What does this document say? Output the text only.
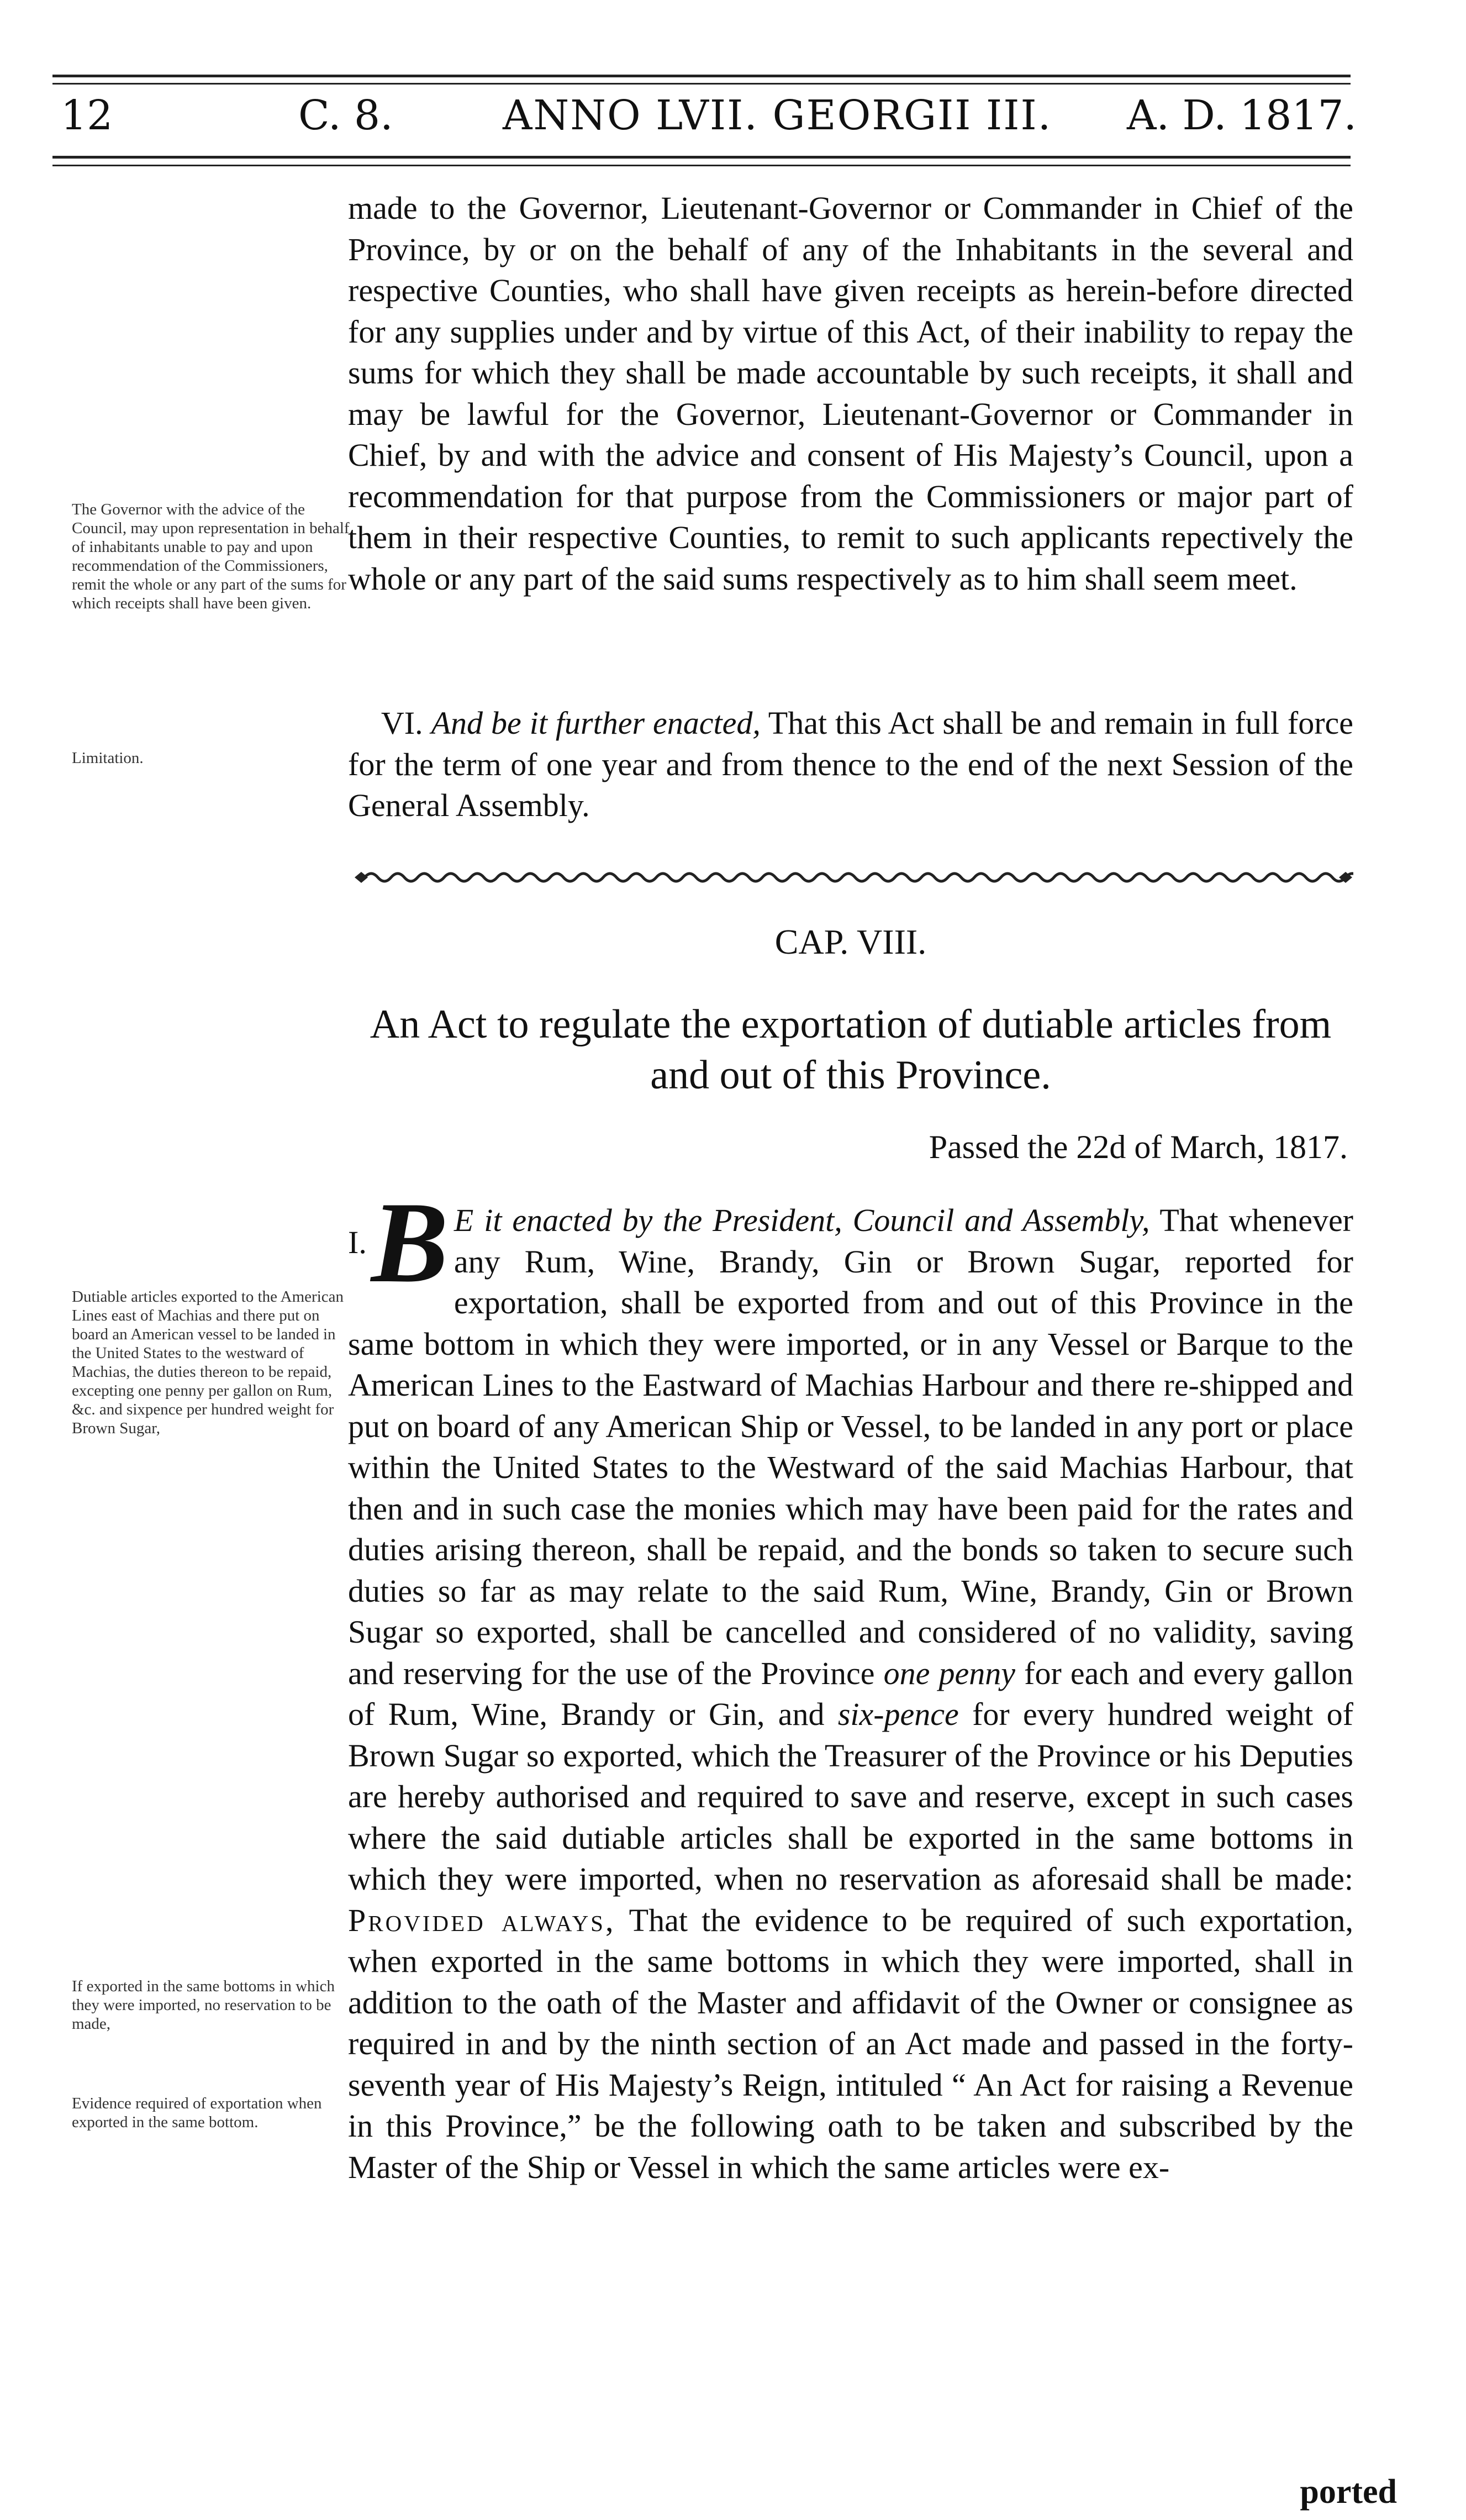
12	C. 8.	ANNO LVII. GEORGII III. A. D. 1817.
The Governor with the advice of the Council, may upon representation in behalf of inhabitants unable to pay and upon recommendation of the Commissioners, remit the whole or any part of the sums for which receipts shall have been given.
Limitation.
Dutiable articles exported to the American Lines east of Machias and there put on board an American vessel to be landed in the United States to the westward of Machias, the duties thereon to be repaid, excepting one penny per gallon on Rum, &c. and sixpence per hundred weight for Brown Sugar,
If exported in the same bottoms in which they were imported, no reservation to be made,
Evidence required of exportation when exported in the same bottom.
made to the Governor, Lieutenant-Governor or Commander in Chief of the Province, by or on the behalf of any of the Inhabitants in the several and respective Counties, who shall have given receipts as herein-before directed for any supplies under and by virtue of this Act, of their inability to repay the sums for which they shall be made accountable by such receipts, it shall and may be lawful for the Governor, Lieutenant-Governor or Commander in Chief, by and with the advice and consent of His Majesty’s Council, upon a recommendation for that purpose from the Commissioners or major part of them in their respective Counties, to remit to such applicants repectively the whole or any part of the said sums respectively as to him shall seem meet.
VI. And be it further enacted, That this Act shall be and remain in full force for the term of one year and from thence to the end of the next Session of the General Assembly.
CAP. VIII.
An Act to regulate the exportation of dutiable articles from and out of this Province.
Passed the 22d of March, 1817.
I. B E it enacted by the President, Council and Assembly, That whenever any Rum, Wine, Brandy, Gin or Brown Sugar, reported for exportation, shall be exported from and out of this Province in the same bottom in which they were imported, or in any Vessel or Barque to the American Lines to the Eastward of Machias Harbour and there re-shipped and put on board of any American Ship or Vessel, to be landed in any port or place within the United States to the Westward of the said Machias Harbour, that then and in such case the monies which may have been paid for the rates and duties arising thereon, shall be repaid, and the bonds so taken to secure such duties so far as may relate to the said Rum, Wine, Brandy, Gin or Brown Sugar so exported, shall be cancelled and considered of no validity, saving and reserving for the use of the Province one penny for each and every gallon of Rum, Wine, Brandy or Gin, and six-pence for every hundred weight of Brown Sugar so exported, which the Treasurer of the Province or his Deputies are hereby authorised and required to save and reserve, except in such cases where the said dutiable articles shall be exported in the same bottoms in which they were imported, when no reservation as aforesaid shall be made: Provided always, That the evidence to be required of such exportation, when exported in the same bottoms in which they were imported, shall in addition to the oath of the Master and affidavit of the Owner or consignee as required in and by the ninth section of an Act made and passed in the forty-seventh year of His Majesty’s Reign, intituled “ An Act for raising a Revenue in this Province,” be the following oath to be taken and subscribed by the Master of the Ship or Vessel in which the same articles were ex-
ported
